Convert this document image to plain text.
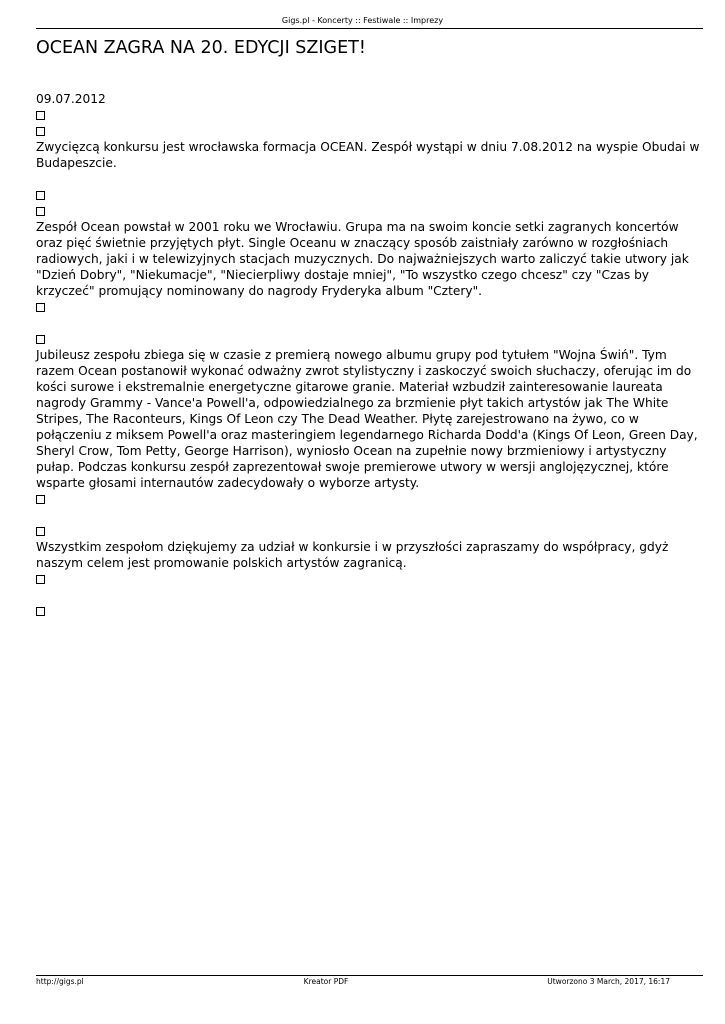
Gigs.pl - Koncerty :: Festiwale :: Imprezy
OCEAN ZAGRA NA 20. EDYCJI SZIGET!
09.07.2012

Zwycięzcą konkursu jest wrocławska formacja OCEAN. Zespół wystąpi w dniu 7.08.2012 na wyspie Obudai w Budapeszcie.

Zespół Ocean powstał w 2001 roku we Wrocławiu. Grupa ma na swoim koncie setki zagranych koncertów oraz pięć świetnie przyjętych płyt. Single Oceanu w znaczący sposób zaistniały zarówno w rozgłośniach radiowych, jaki i w telewizyjnych stacjach muzycznych. Do najważniejszych warto zaliczyć takie utwory jak "Dzień Dobry", "Niekumacje", "Niecierpliwy dostaje mniej", "To wszystko czego chcesz" czy "Czas by krzyczeć" promujący nominowany do nagrody Fryderyka album "Cztery".

Jubileusz zespołu zbiega się w czasie z premierą nowego albumu grupy pod tytułem "Wojna Świń". Tym razem Ocean postanowił wykonać odważny zwrot stylistyczny i zaskoczyć swoich słuchaczy, oferując im do kości surowe i ekstremalnie energetyczne gitarowe granie. Materiał wzbudził zainteresowanie laureata nagrody Grammy - Vance'a Powell'a, odpowiedzialnego za brzmienie płyt takich artystów jak The White Stripes, The Raconteurs, Kings Of Leon czy The Dead Weather. Płytę zarejestrowano na żywo, co w połączeniu z miksem Powell'a oraz masteringiem legendarnego Richarda Dodd'a (Kings Of Leon, Green Day, Sheryl Crow, Tom Petty, George Harrison), wyniosło Ocean na zupełnie nowy brzmieniowy i artystyczny pułap. Podczas konkursu zespół zaprezentował swoje premierowe utwory w wersji anglojęzycznej, które wsparte głosami internautów zadecydowały o wyborze artysty.

Wszystkim zespołom dziękujemy za udział w konkursie i w przyszłości zapraszamy do współpracy, gdyż naszym celem jest promowanie polskich artystów zagranicą.

http://gigs.pl	Kreator PDF	Utworzono 3 March, 2017, 16:17
